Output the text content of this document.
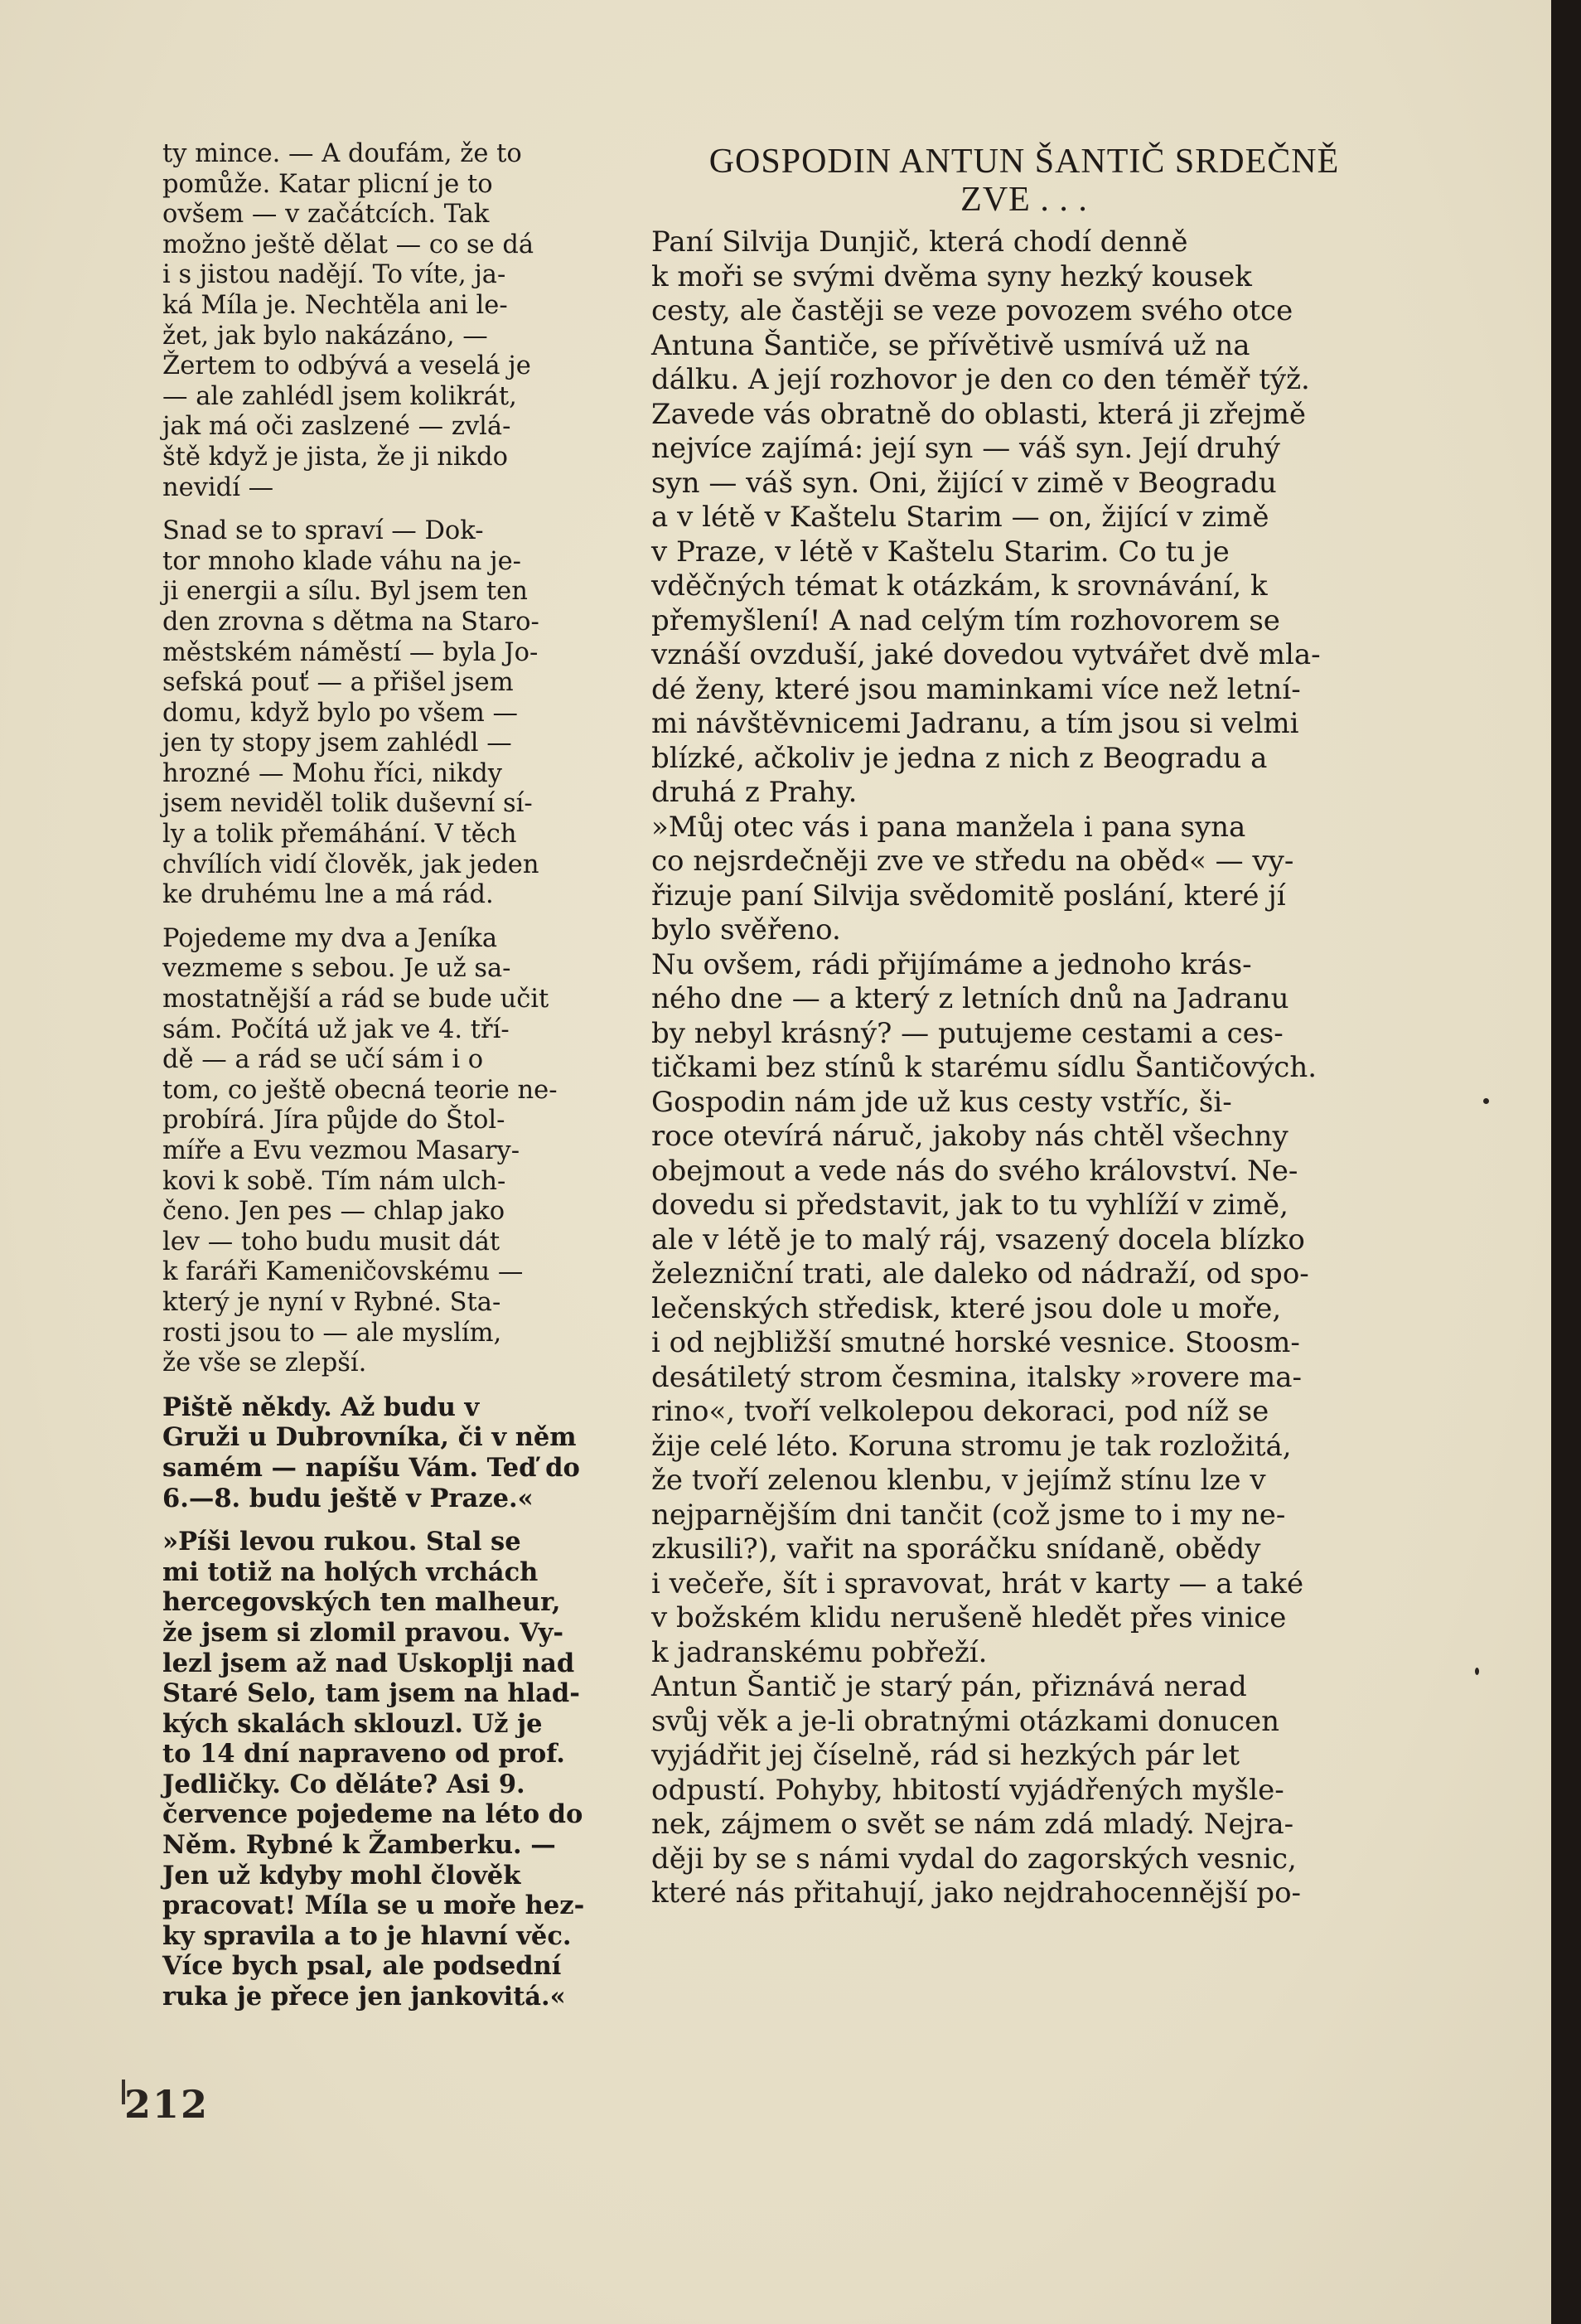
ty mince. — A doufám, že to
pomůže. Katar plicní je to
ovšem — v začátcích. Tak
možno ještě dělat — co se dá
i s jistou nadějí. To víte, ja-
ká Míla je. Nechtěla ani le-
žet, jak bylo nakázáno, —
Žertem to odbývá a veselá je
— ale zahlédl jsem kolikrát,
jak má oči zaslzené — zvlá-
ště když je jista, že ji nikdo
nevidí —

Snad se to spraví — Dok-
tor mnoho klade váhu na je-
ji energii a sílu. Byl jsem ten
den zrovna s dětma na Staro-
městském náměstí — byla Jo-
sefská pouť — a přišel jsem
domu, když bylo po všem —
jen ty stopy jsem zahlédl —
hrozné — Mohu říci, nikdy
jsem neviděl tolik duševní sí-
ly a tolik přemáhání. V těch
chvílích vidí člověk, jak jeden
ke druhému lne a má rád.

Pojedeme my dva a Jeníka
vezmeme s sebou. Je už sa-
mostatnější a rád se bude učit
sám. Počítá už jak ve 4. tří-
dě — a rád se učí sám i o
tom, co ještě obecná teorie ne-
probírá. Jíra půjde do Štol-
míře a Evu vezmou Masary-
kovi k sobě. Tím nám ulch-
čeno. Jen pes — chlap jako
lev — toho budu musit dát
k faráři Kameničovskému —
který je nyní v Rybné. Sta-
rosti jsou to — ale myslím,
že vše se zlepší.

Piště někdy. Až budu v
Gruži u Dubrovníka, či v něm
samém — napíšu Vám. Teď do
6.—8. budu ještě v Praze.«

»Píši levou rukou. Stal se
mi totiž na holých vrchách
hercegovských ten malheur,
že jsem si zlomil pravou. Vy-
lezl jsem až nad Uskoplji nad
Staré Selo, tam jsem na hlad-
kých skalách sklouzl. Už je
to 14 dní napraveno od prof.
Jedličky. Co děláte? Asi 9.
července pojedeme na léto do
Něm. Rybné k Žamberku. —
Jen už kdyby mohl člověk
pracovat! Míla se u moře hez-
ky spravila a to je hlavní věc.
Více bych psal, ale podsední
ruka je přece jen jankovitá.«

GOSPODIN ANTUN ŠANTIČ SRDEČNĚ
ZVE . . .

Paní Silvija Dunjič, která chodí denně
k moři se svými dvěma syny hezký kousek
cesty, ale častěji se veze povozem svého otce
Antuna Šantiče, se přívětivě usmívá už na
dálku. A její rozhovor je den co den téměř týž.
Zavede vás obratně do oblasti, která ji zřejmě
nejvíce zajímá: její syn — váš syn. Její druhý
syn — váš syn. Oni, žijící v zimě v Beogradu
a v létě v Kaštelu Starim — on, žijící v zimě
v Praze, v létě v Kaštelu Starim. Co tu je
vděčných témat k otázkám, k srovnávání, k
přemyšlení! A nad celým tím rozhovorem se
vznáší ovzduší, jaké dovedou vytvářet dvě mla-
dé ženy, které jsou maminkami více než letní-
mi návštěvnicemi Jadranu, a tím jsou si velmi
blízké, ačkoliv je jedna z nich z Beogradu a
druhá z Prahy.

»Můj otec vás i pana manžela i pana syna
co nejsrdečněji zve ve středu na oběd« — vy-
řizuje paní Silvija svědomitě poslání, které jí
bylo svěřeno.

Nu ovšem, rádi přijímáme a jednoho krás-
ného dne — a který z letních dnů na Jadranu
by nebyl krásný? — putujeme cestami a ces-
tičkami bez stínů k starému sídlu Šantičových.

Gospodin nám jde už kus cesty vstříc, ši-
roce otevírá náruč, jakoby nás chtěl všechny
obejmout a vede nás do svého království. Ne-
dovedu si představit, jak to tu vyhlíží v zimě,
ale v létě je to malý ráj, vsazený docela blízko
železniční trati, ale daleko od nádraží, od spo-
lečenských středisk, které jsou dole u moře,
i od nejbližší smutné horské vesnice. Stoosm-
desátiletý strom česmina, italsky »rovere ma-
rino«, tvoří velkolepou dekoraci, pod níž se
žije celé léto. Koruna stromu je tak rozložitá,
že tvoří zelenou klenbu, v jejímž stínu lze v
nejparnějším dni tančit (což jsme to i my ne-
zkusili?), vařit na sporáčku snídaně, obědy
i večeře, šít i spravovat, hrát v karty — a také
v božském klidu nerušeně hledět přes vinice
k jadranskému pobřeží.

Antun Šantič je starý pán, přiznává nerad
svůj věk a je-li obratnými otázkami donucen
vyjádřit jej číselně, rád si hezkých pár let
odpustí. Pohyby, hbitostí vyjádřených myšle-
nek, zájmem o svět se nám zdá mladý. Nejra-
ději by se s námi vydal do zagorských vesnic,
které nás přitahují, jako nejdrahocennější po-

212
